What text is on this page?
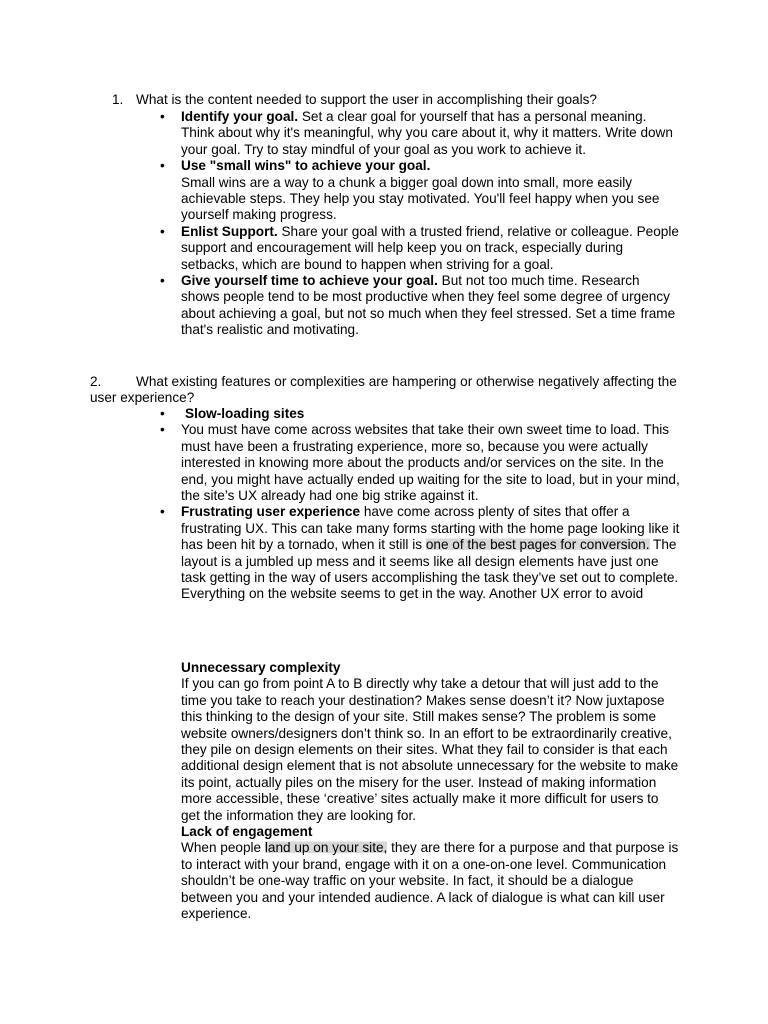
1. What is the content needed to support the user in accomplishing their goals?

• Identify your goal. Set a clear goal for yourself that has a personal meaning. Think about why it's meaningful, why you care about it, why it matters. Write down your goal. Try to stay mindful of your goal as you work to achieve it.
• Use "small wins" to achieve your goal.
Small wins are a way to a chunk a bigger goal down into small, more easily achievable steps. They help you stay motivated. You'll feel happy when you see yourself making progress.
• Enlist Support. Share your goal with a trusted friend, relative or colleague. People support and encouragement will help keep you on track, especially during setbacks, which are bound to happen when striving for a goal.
• Give yourself time to achieve your goal. But not too much time. Research shows people tend to be most productive when they feel some degree of urgency about achieving a goal, but not so much when they feel stressed. Set a time frame that's realistic and motivating.

2.	What existing features or complexities are hampering or otherwise negatively affecting the user experience?

• Slow-loading sites
• You must have come across websites that take their own sweet time to load. This must have been a frustrating experience, more so, because you were actually interested in knowing more about the products and/or services on the site. In the end, you might have actually ended up waiting for the site to load, but in your mind, the site’s UX already had one big strike against it.
• Frustrating user experience have come across plenty of sites that offer a frustrating UX. This can take many forms starting with the home page looking like it has been hit by a tornado, when it still is one of the best pages for conversion. The layout is a jumbled up mess and it seems like all design elements have just one task getting in the way of users accomplishing the task they’ve set out to complete. Everything on the website seems to get in the way. Another UX error to avoid
Unnecessary complexity

If you can go from point A to B directly why take a detour that will just add to the time you take to reach your destination? Makes sense doesn’t it? Now juxtapose this thinking to the design of your site. Still makes sense? The problem is some website owners/designers don’t think so. In an effort to be extraordinarily creative, they pile on design elements on their sites. What they fail to consider is that each additional design element that is not absolute unnecessary for the website to make its point, actually piles on the misery for the user. Instead of making information more accessible, these ‘creative’ sites actually make it more difficult for users to get the information they are looking for.

Lack of engagement

When people land up on your site, they are there for a purpose and that purpose is to interact with your brand, engage with it on a one-on-one level. Communication shouldn’t be one-way traffic on your website. In fact, it should be a dialogue between you and your intended audience. A lack of dialogue is what can kill user experience.
